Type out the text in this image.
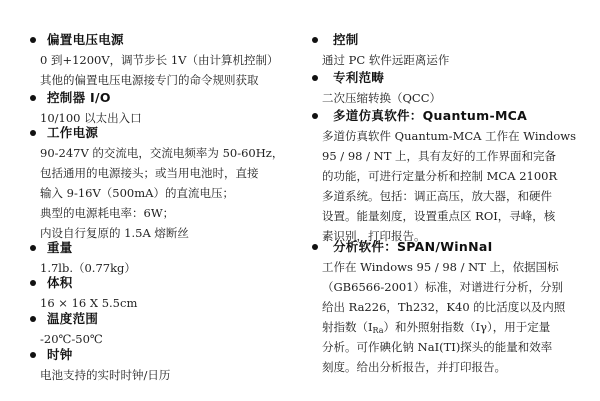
偏置电压电源
0 到+1200V，调节步长 1V（由计算机控制）
其他的偏置电压电源接专门的命令规则获取
控制器 I/O
10/100 以太出入口
工作电源
90-247V 的交流电，交流电频率为 50-60Hz，
包括通用的电源接头；或当用电池时，直接
输入 9-16V（500mA）的直流电压；
典型的电源耗电率：6W；
内设自行复原的 1.5A 熔断丝
重量
1.7lb.（0.77kg）
体积
16 × 16 X 5.5cm
温度范围
-20℃-50℃
时钟
电池支持的实时时钟/日历
控制
通过 PC 软件远距离运作
专利范畴
二次压缩转换（QCC）
多道仿真软件：Quantum-MCA
多道仿真软件 Quantum-MCA 工作在 Windows
95 / 98 / NT 上，具有友好的工作界面和完备
的功能，可进行定量分析和控制 MCA 2100R
多道系统。包括：调正高压，放大器，和硬件
设置。能量刻度，设置重点区 ROI，寻峰，核
素识别，打印报告。
分析软件：SPAN/WinNaI
工作在 Windows 95 / 98 / NT 上，依据国标
（GB6566-2001）标准，对谱进行分析，分别
给出 Ra226，Th232，K40 的比活度以及内照
射指数$(I_{Ra})$和外照射指数（Iγ），用于定量
分析。可作碘化钠 NaI(TI)探头的能量和效率
刻度。给出分析报告，并打印报告。
